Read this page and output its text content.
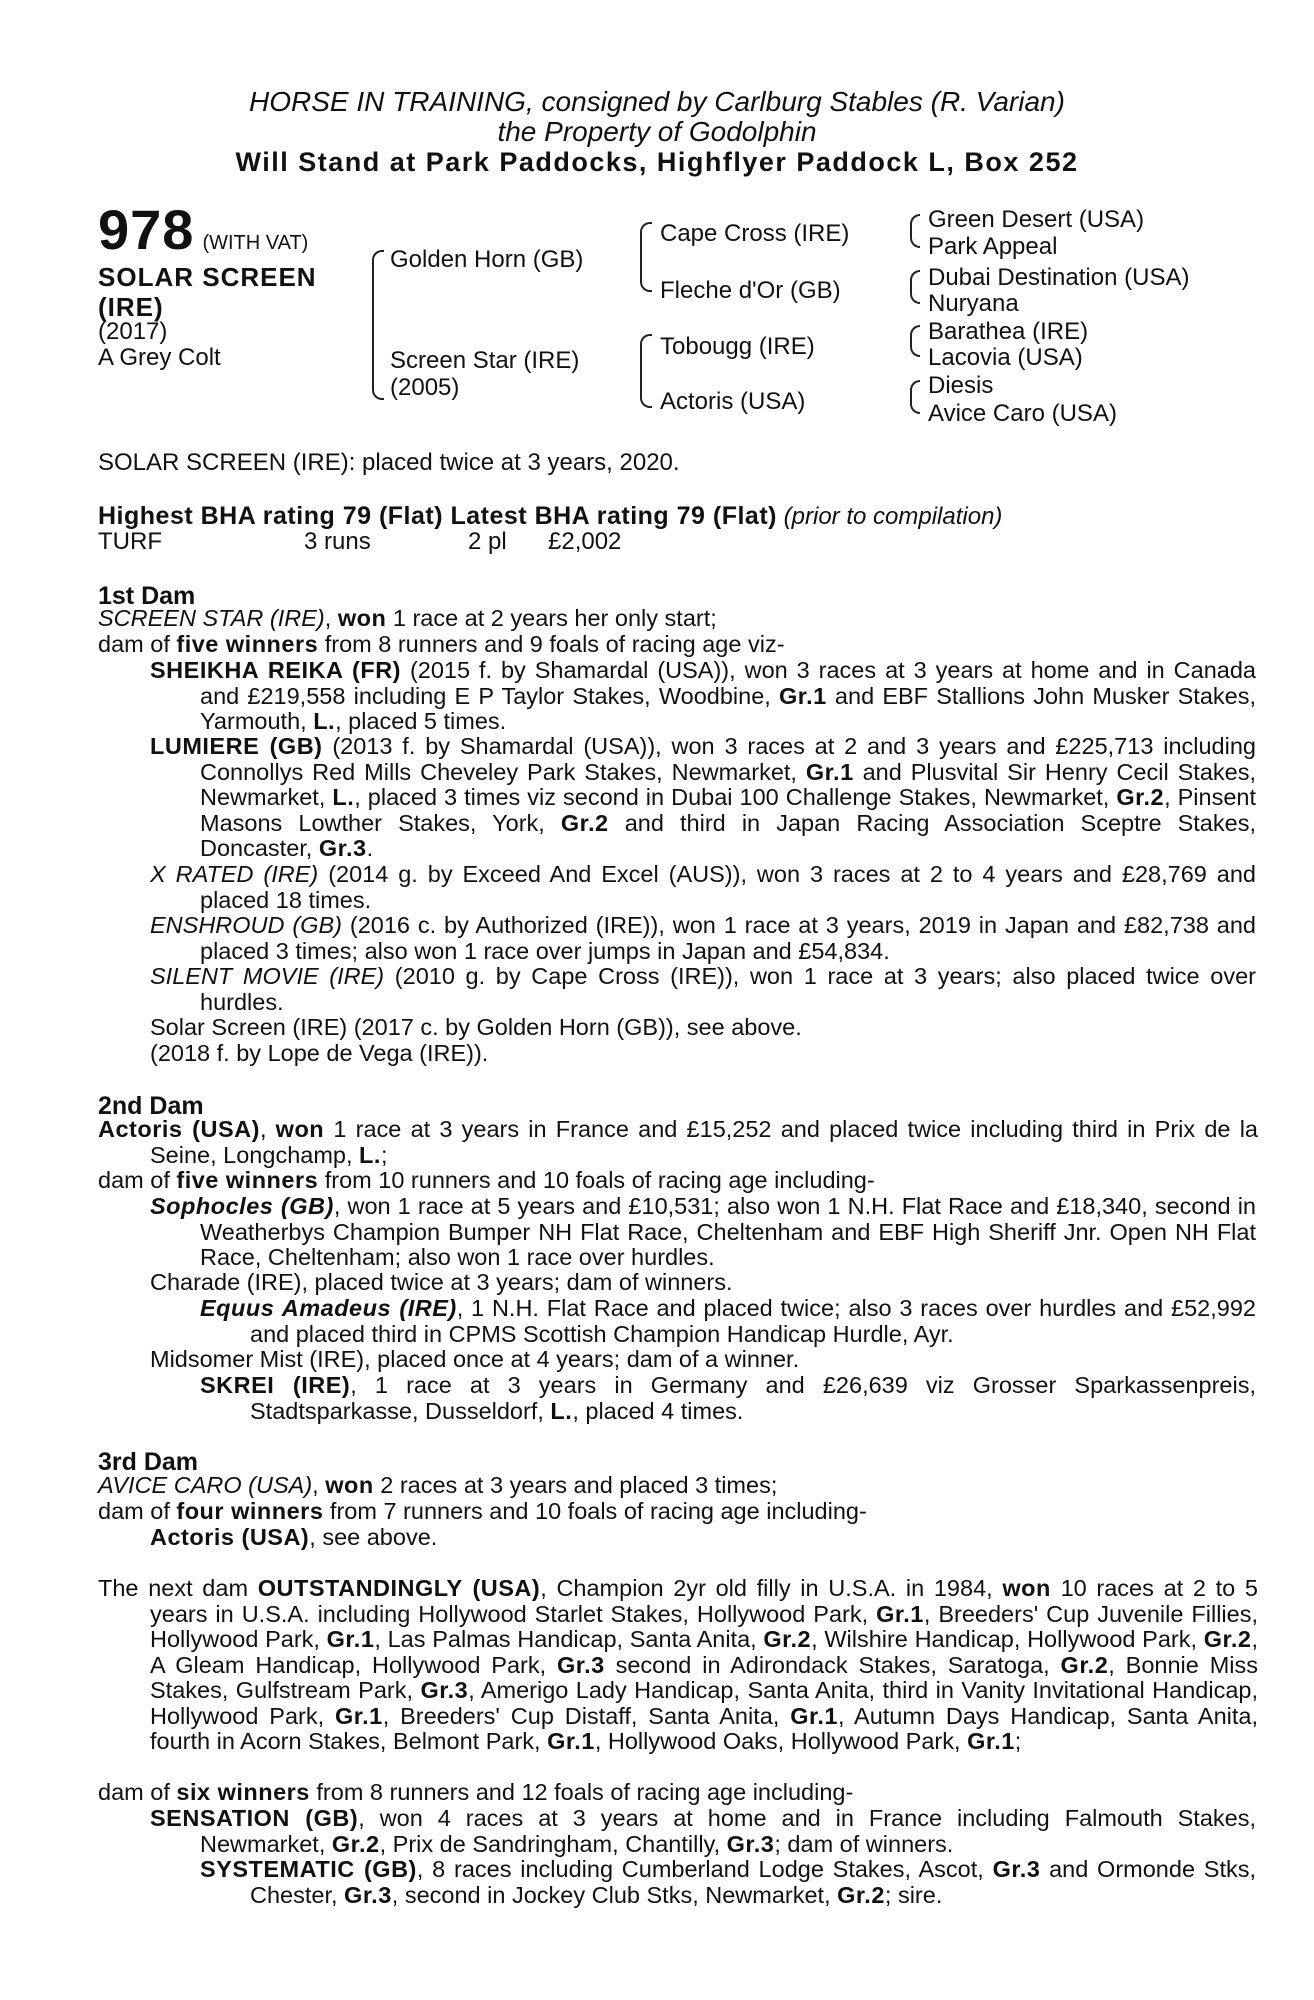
HORSE IN TRAINING, consigned by Carlburg Stables (R. Varian)
the Property of Godolphin
Will Stand at Park Paddocks, Highflyer Paddock L, Box 252
978 (WITH VAT)
SOLAR SCREEN
(IRE)
(2017)
A Grey Colt
Golden Horn (GB)
Screen Star (IRE)
(2005)
Cape Cross (IRE)
Fleche d'Or (GB)
Tobougg (IRE)
Actoris (USA)
Green Desert (USA)
Park Appeal
Dubai Destination (USA)
Nuryana
Barathea (IRE)
Lacovia (USA)
Diesis
Avice Caro (USA)
SOLAR SCREEN (IRE): placed twice at 3 years, 2020.
Highest BHA rating 79 (Flat) Latest BHA rating 79 (Flat) (prior to compilation)
TURF	3 runs	2 pl £2,002
1st Dam
SCREEN STAR (IRE), won 1 race at 2 years her only start;
dam of five winners from 8 runners and 9 foals of racing age viz-
SHEIKHA REIKA (FR) (2015 f. by Shamardal (USA)), won 3 races at 3 years at home and in Canada and £219,558 including E P Taylor Stakes, Woodbine, Gr.1 and EBF Stallions John Musker Stakes, Yarmouth, L., placed 5 times.
LUMIERE (GB) (2013 f. by Shamardal (USA)), won 3 races at 2 and 3 years and £225,713 including Connollys Red Mills Cheveley Park Stakes, Newmarket, Gr.1 and Plusvital Sir Henry Cecil Stakes, Newmarket, L., placed 3 times viz second in Dubai 100 Challenge Stakes, Newmarket, Gr.2, Pinsent Masons Lowther Stakes, York, Gr.2 and third in Japan Racing Association Sceptre Stakes, Doncaster, Gr.3.
X RATED (IRE) (2014 g. by Exceed And Excel (AUS)), won 3 races at 2 to 4 years and £28,769 and placed 18 times.
ENSHROUD (GB) (2016 c. by Authorized (IRE)), won 1 race at 3 years, 2019 in Japan and £82,738 and placed 3 times; also won 1 race over jumps in Japan and £54,834.
SILENT MOVIE (IRE) (2010 g. by Cape Cross (IRE)), won 1 race at 3 years; also placed twice over hurdles.
Solar Screen (IRE) (2017 c. by Golden Horn (GB)), see above.
(2018 f. by Lope de Vega (IRE)).
2nd Dam
Actoris (USA), won 1 race at 3 years in France and £15,252 and placed twice including third in Prix de la Seine, Longchamp, L.;
dam of five winners from 10 runners and 10 foals of racing age including-
Sophocles (GB), won 1 race at 5 years and £10,531; also won 1 N.H. Flat Race and £18,340, second in Weatherbys Champion Bumper NH Flat Race, Cheltenham and EBF High Sheriff Jnr. Open NH Flat Race, Cheltenham; also won 1 race over hurdles.
Charade (IRE), placed twice at 3 years; dam of winners.
Equus Amadeus (IRE), 1 N.H. Flat Race and placed twice; also 3 races over hurdles and £52,992 and placed third in CPMS Scottish Champion Handicap Hurdle, Ayr.
Midsomer Mist (IRE), placed once at 4 years; dam of a winner.
SKREI (IRE), 1 race at 3 years in Germany and £26,639 viz Grosser Sparkassenpreis, Stadtsparkasse, Dusseldorf, L., placed 4 times.
3rd Dam
AVICE CARO (USA), won 2 races at 3 years and placed 3 times;
dam of four winners from 7 runners and 10 foals of racing age including-
Actoris (USA), see above.
The next dam OUTSTANDINGLY (USA), Champion 2yr old filly in U.S.A. in 1984, won 10 races at 2 to 5 years in U.S.A. including Hollywood Starlet Stakes, Hollywood Park, Gr.1, Breeders' Cup Juvenile Fillies, Hollywood Park, Gr.1, Las Palmas Handicap, Santa Anita, Gr.2, Wilshire Handicap, Hollywood Park, Gr.2, A Gleam Handicap, Hollywood Park, Gr.3 second in Adirondack Stakes, Saratoga, Gr.2, Bonnie Miss Stakes, Gulfstream Park, Gr.3, Amerigo Lady Handicap, Santa Anita, third in Vanity Invitational Handicap, Hollywood Park, Gr.1, Breeders' Cup Distaff, Santa Anita, Gr.1, Autumn Days Handicap, Santa Anita, fourth in Acorn Stakes, Belmont Park, Gr.1, Hollywood Oaks, Hollywood Park, Gr.1;
dam of six winners from 8 runners and 12 foals of racing age including-
SENSATION (GB), won 4 races at 3 years at home and in France including Falmouth Stakes, Newmarket, Gr.2, Prix de Sandringham, Chantilly, Gr.3; dam of winners.
SYSTEMATIC (GB), 8 races including Cumberland Lodge Stakes, Ascot, Gr.3 and Ormonde Stks, Chester, Gr.3, second in Jockey Club Stks, Newmarket, Gr.2; sire.
